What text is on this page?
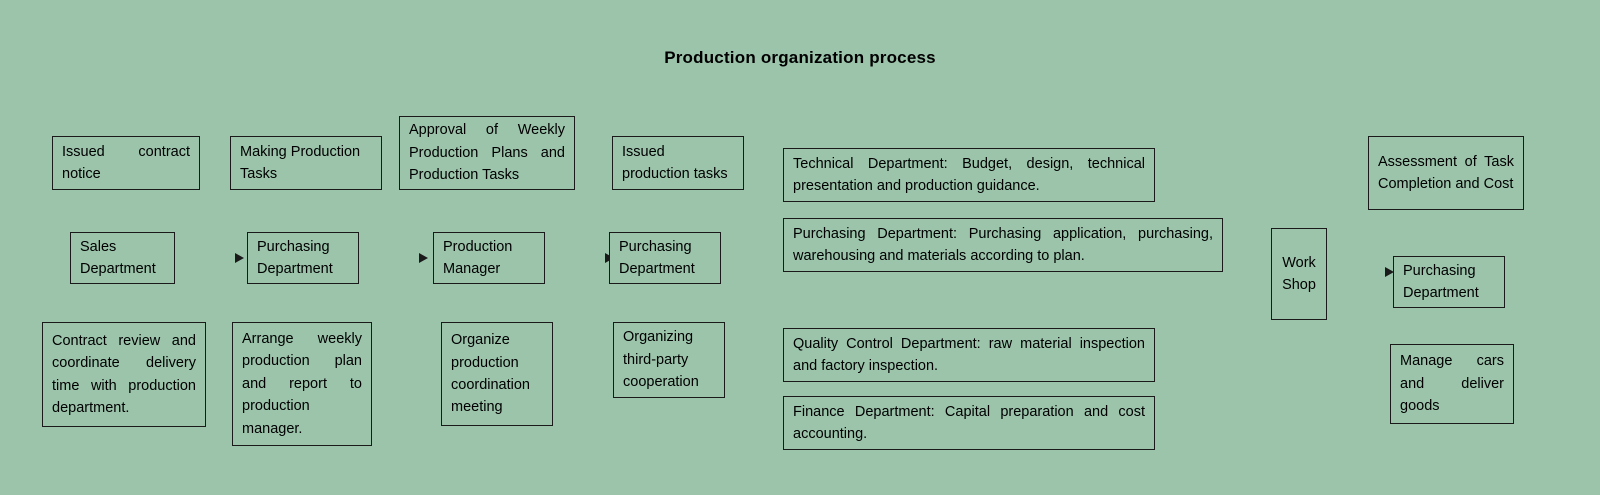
Production organization process
Issued contract notice
Sales Department
Contract review and coordinate delivery time with production department.
Making Production Tasks
Purchasing Department
Arrange weekly production plan and report to production manager.
Approval of Weekly Production Plans and Production Tasks
Production Manager
Organize production coordination meeting
Issued production tasks
Purchasing Department
Organizing third-party cooperation
Technical Department: Budget, design, technical presentation and production guidance.
Purchasing Department: Purchasing application, purchasing, warehousing and materials according to plan.
Quality Control Department: raw material inspection and factory inspection.
Finance Department: Capital preparation and cost accounting.
Work Shop
Assessment of Task Completion and Cost
Purchasing Department
Manage cars and deliver goods
